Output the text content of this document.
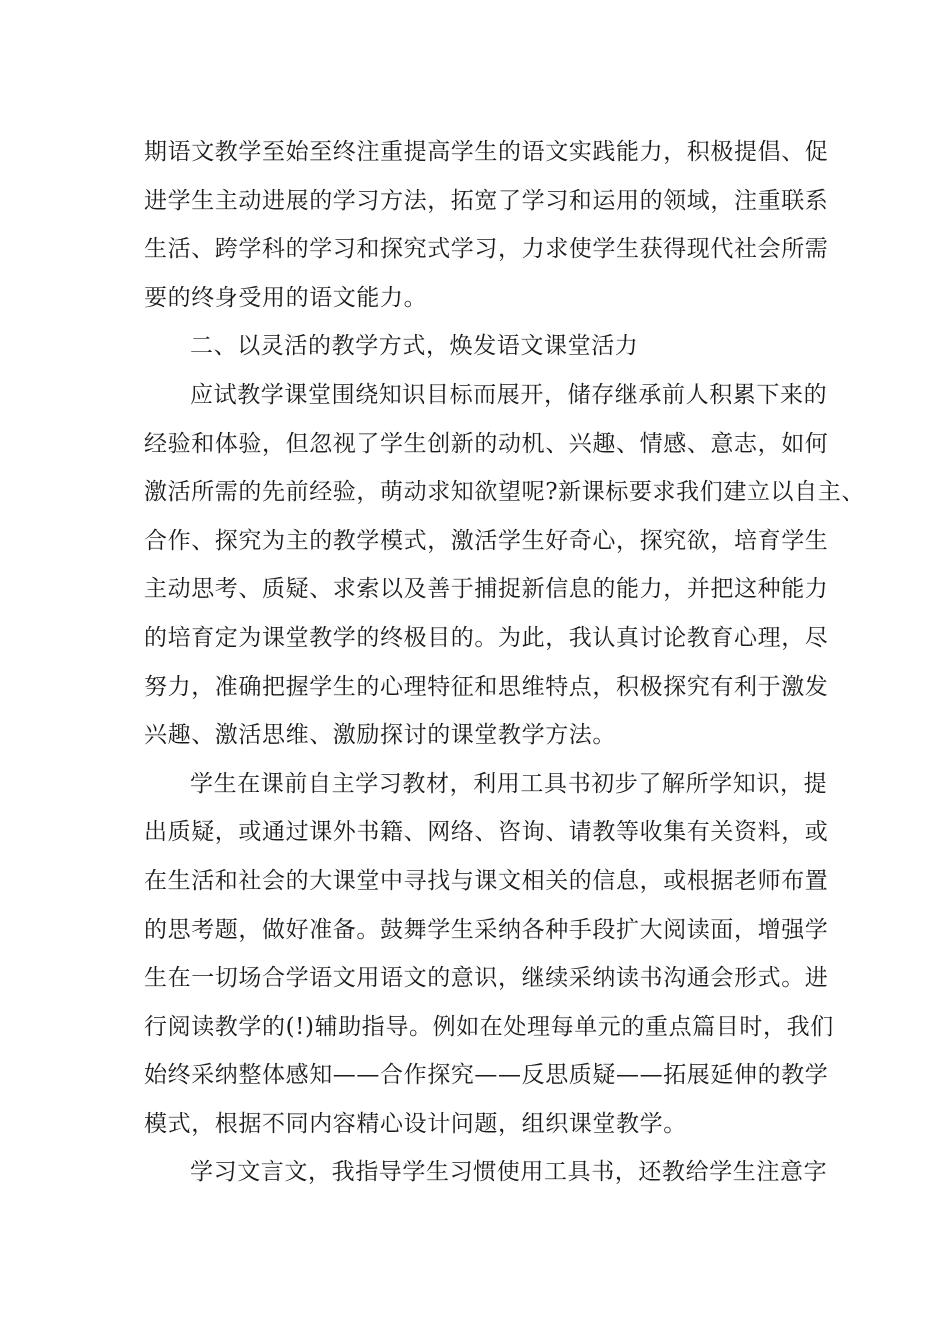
期语文教学至始至终注重提高学生的语文实践能力，积极提倡、促
进学生主动进展的学习方法，拓宽了学习和运用的领域，注重联系
生活、跨学科的学习和探究式学习，力求使学生获得现代社会所需
要的终身受用的语文能力。
二、以灵活的教学方式，焕发语文课堂活力
应试教学课堂围绕知识目标而展开，储存继承前人积累下来的
经验和体验，但忽视了学生创新的动机、兴趣、情感、意志，如何
激活所需的先前经验，萌动求知欲望呢?新课标要求我们建立以自主、
合作、探究为主的教学模式，激活学生好奇心，探究欲，培育学生
主动思考、质疑、求索以及善于捕捉新信息的能力，并把这种能力
的培育定为课堂教学的终极目的。为此，我认真讨论教育心理，尽
努力，准确把握学生的心理特征和思维特点，积极探究有利于激发
兴趣、激活思维、激励探讨的课堂教学方法。
学生在课前自主学习教材，利用工具书初步了解所学知识，提
出质疑，或通过课外书籍、网络、咨询、请教等收集有关资料，或
在生活和社会的大课堂中寻找与课文相关的信息，或根据老师布置
的思考题，做好准备。鼓舞学生采纳各种手段扩大阅读面，增强学
生在一切场合学语文用语文的意识，继续采纳读书沟通会形式。进
行阅读教学的(!)辅助指导。例如在处理每单元的重点篇目时，我们
始终采纳整体感知——合作探究——反思质疑——拓展延伸的教学
模式，根据不同内容精心设计问题，组织课堂教学。
学习文言文，我指导学生习惯使用工具书，还教给学生注意字
